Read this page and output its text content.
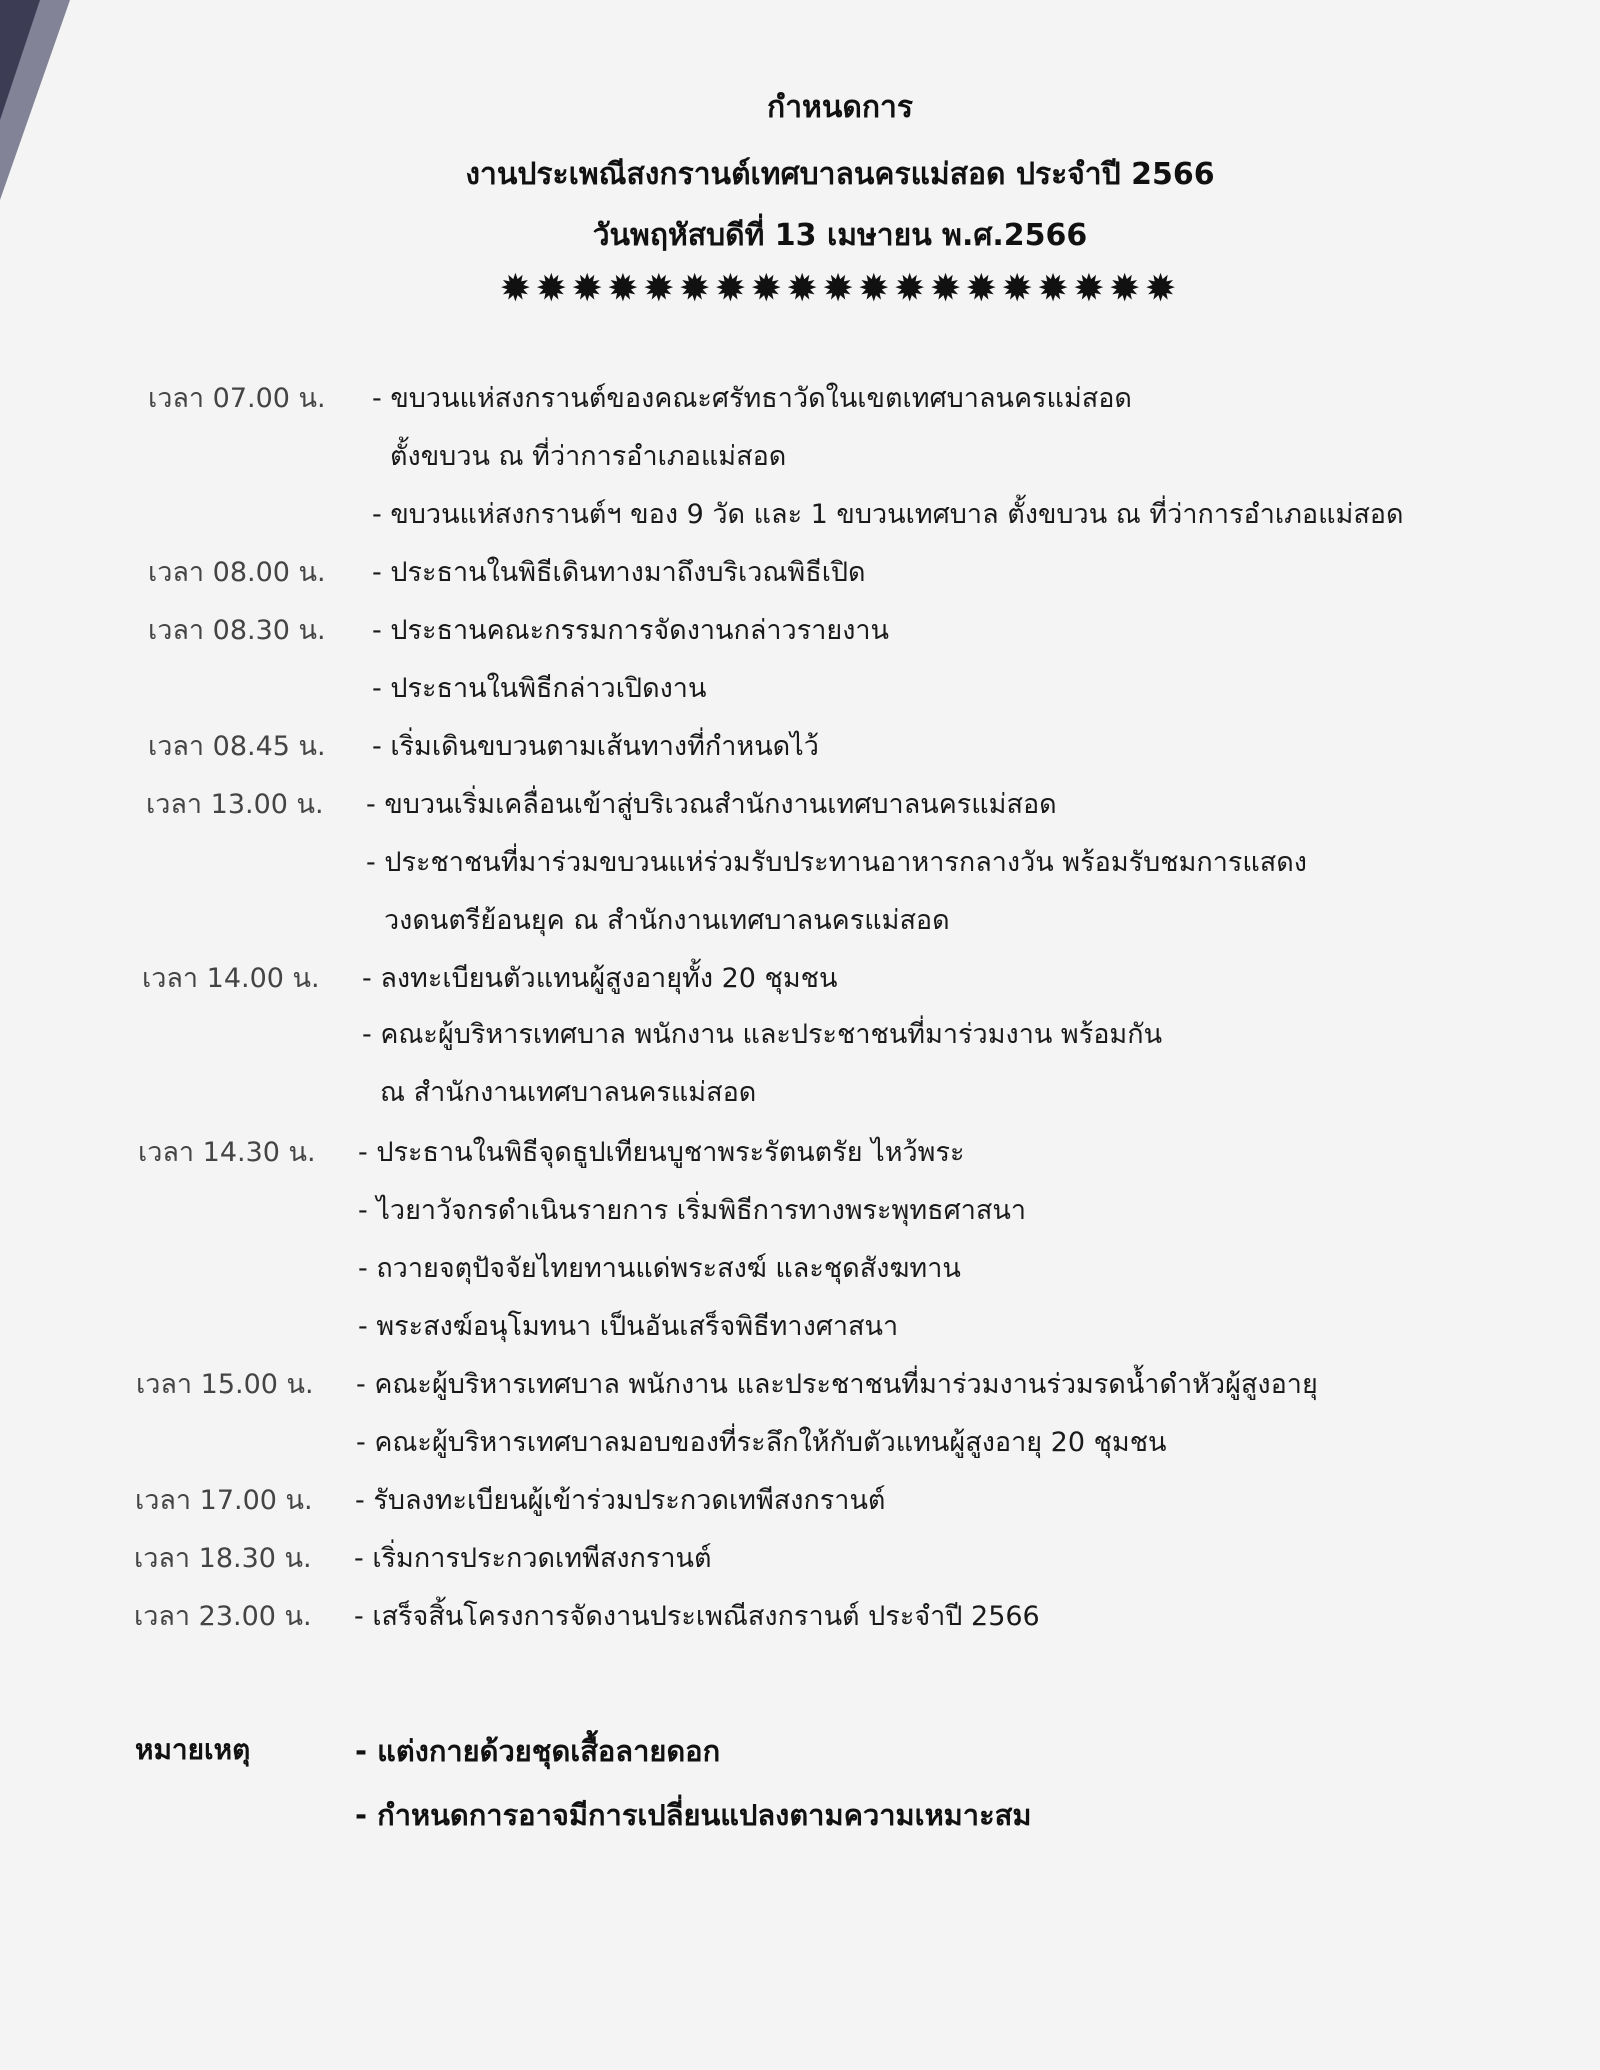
กำหนดการ
งานประเพณีสงกรานต์เทศบาลนครแม่สอด ประจำปี 2566
วันพฤหัสบดีที่ 13 เมษายน พ.ศ.2566
✹✹✹✹✹✹✹✹✹✹✹✹✹✹✹✹✹✹✹
เวลา 07.00 น. - ขบวนแห่สงกรานต์ของคณะศรัทธาวัดในเขตเทศบาลนครแม่สอด
ตั้งขบวน ณ ที่ว่าการอำเภอแม่สอด
- ขบวนแห่สงกรานต์ฯ ของ 9 วัด และ 1 ขบวนเทศบาล ตั้งขบวน ณ ที่ว่าการอำเภอแม่สอด
เวลา 08.00 น. - ประธานในพิธีเดินทางมาถึงบริเวณพิธีเปิด
เวลา 08.30 น. - ประธานคณะกรรมการจัดงานกล่าวรายงาน
- ประธานในพิธีกล่าวเปิดงาน
เวลา 08.45 น. - เริ่มเดินขบวนตามเส้นทางที่กำหนดไว้
เวลา 13.00 น. - ขบวนเริ่มเคลื่อนเข้าสู่บริเวณสำนักงานเทศบาลนครแม่สอด
- ประชาชนที่มาร่วมขบวนแห่ร่วมรับประทานอาหารกลางวัน พร้อมรับชมการแสดง
วงดนตรีย้อนยุค ณ สำนักงานเทศบาลนครแม่สอด
เวลา 14.00 น. - ลงทะเบียนตัวแทนผู้สูงอายุทั้ง 20 ชุมชน
- คณะผู้บริหารเทศบาล พนักงาน และประชาชนที่มาร่วมงาน พร้อมกัน
ณ สำนักงานเทศบาลนครแม่สอด
เวลา 14.30 น. - ประธานในพิธีจุดธูปเทียนบูชาพระรัตนตรัย ไหว้พระ
- ไวยาวัจกรดำเนินรายการ เริ่มพิธีการทางพระพุทธศาสนา
- ถวายจตุปัจจัยไทยทานแด่พระสงฆ์ และชุดสังฆทาน
- พระสงฆ์อนุโมทนา เป็นอันเสร็จพิธีทางศาสนา
เวลา 15.00 น. - คณะผู้บริหารเทศบาล พนักงาน และประชาชนที่มาร่วมงานร่วมรดน้ำดำหัวผู้สูงอายุ
- คณะผู้บริหารเทศบาลมอบของที่ระลึกให้กับตัวแทนผู้สูงอายุ 20 ชุมชน
เวลา 17.00 น. - รับลงทะเบียนผู้เข้าร่วมประกวดเทพีสงกรานต์
เวลา 18.30 น. - เริ่มการประกวดเทพีสงกรานต์
เวลา 23.00 น. - เสร็จสิ้นโครงการจัดงานประเพณีสงกรานต์ ประจำปี 2566
หมายเหตุ	- แต่งกายด้วยชุดเสื้อลายดอก
- กำหนดการอาจมีการเปลี่ยนแปลงตามความเหมาะสม
